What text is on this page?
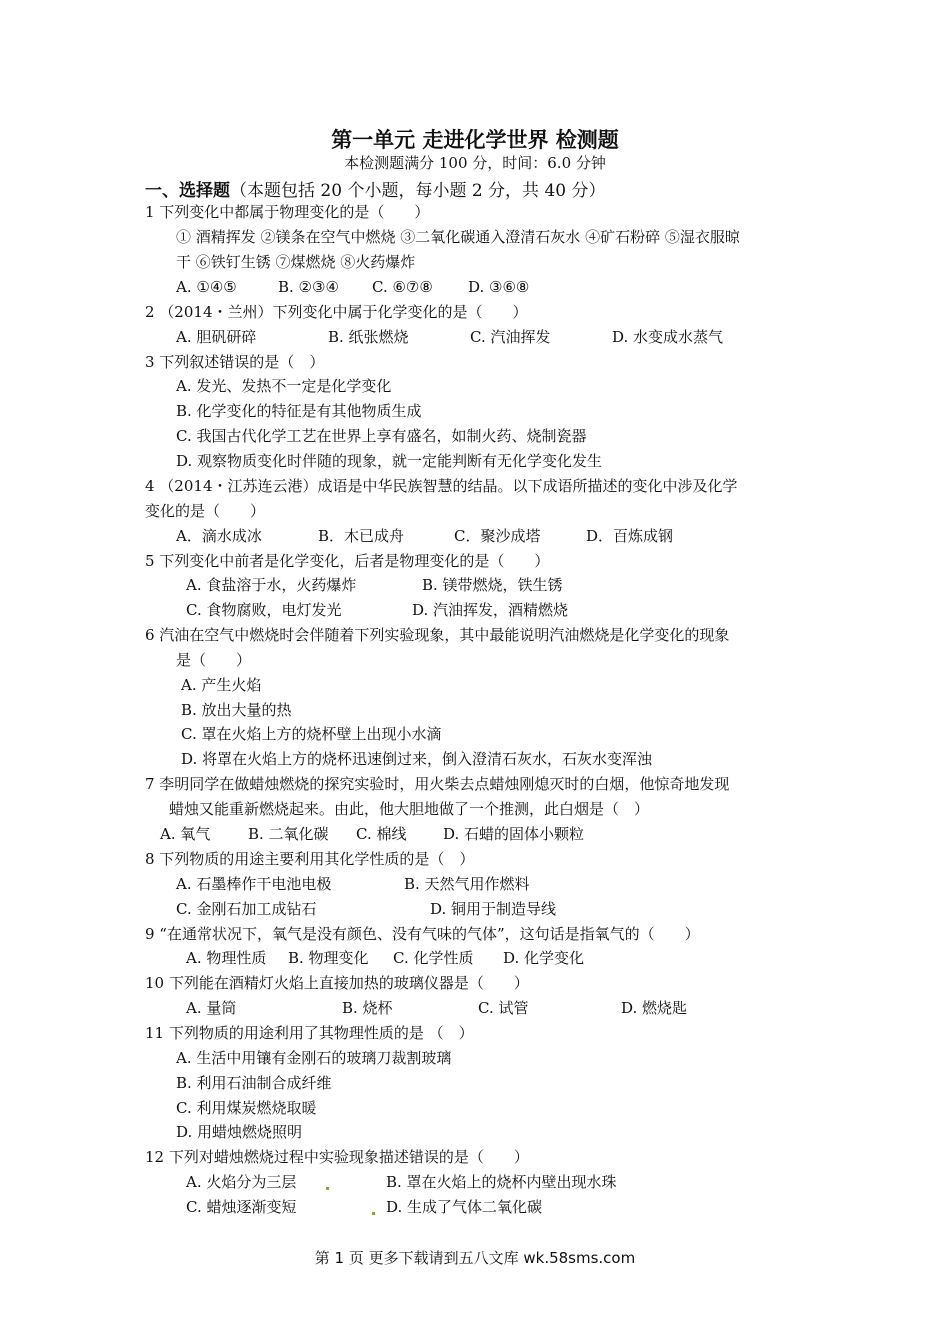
第一单元 走进化学世界 检测题
本检测题满分 100 分，时间：6.0 分钟
一、选择题（本题包括 20 个小题，每小题 2 分，共 40 分）
1 下列变化中都属于物理变化的是（　　）
① 酒精挥发 ②镁条在空气中燃烧 ③二氧化碳通入澄清石灰水 ④矿石粉碎 ⑤湿衣服晾
干 ⑥铁钉生锈 ⑦煤燃烧 ⑧火药爆炸
A. ①④⑤	B. ②③④ C. ⑥⑦⑧ D. ③⑥⑧
2 （2014・兰州）下列变化中属于化学变化的是（　　）
A. 胆矾研碎	B. 纸张燃烧	C. 汽油挥发	D. 水变成水蒸气
3 下列叙述错误的是（　）
A. 发光、发热不一定是化学变化
B. 化学变化的特征是有其他物质生成
C. 我国古代化学工艺在世界上享有盛名，如制火药、烧制瓷器
D. 观察物质变化时伴随的现象，就一定能判断有无化学变化发生
4 （2014・江苏连云港）成语是中华民族智慧的结晶。以下成语所描述的变化中涉及化学
变化的是（　　）
A．滴水成冰	B．木已成舟	C．聚沙成塔	D．百炼成钢
5 下列变化中前者是化学变化，后者是物理变化的是（　　）
A. 食盐溶于水，火药爆炸	B. 镁带燃烧，铁生锈
C. 食物腐败，电灯发光	D. 汽油挥发，酒精燃烧
6 汽油在空气中燃烧时会伴随着下列实验现象，其中最能说明汽油燃烧是化学变化的现象
是（　　）
A. 产生火焰
B. 放出大量的热
C. 罩在火焰上方的烧杯壁上出现小水滴
D. 将罩在火焰上方的烧杯迅速倒过来，倒入澄清石灰水，石灰水变浑浊
7 李明同学在做蜡烛燃烧的探究实验时，用火柴去点蜡烛刚熄灭时的白烟，他惊奇地发现
蜡烛又能重新燃烧起来。由此，他大胆地做了一个推测，此白烟是（　）
A. 氧气	B. 二氧化碳 C. 棉线 D. 石蜡的固体小颗粒
8 下列物质的用途主要利用其化学性质的是（　）
A. 石墨棒作干电池电极	B. 天然气用作燃料
C. 金刚石加工成钻石	D. 铜用于制造导线
9 “在通常状况下，氧气是没有颜色、没有气味的气体”，这句话是指氧气的（　　）
A. 物理性质 B. 物理变化 C. 化学性质 D. 化学变化
10 下列能在酒精灯火焰上直接加热的玻璃仪器是（　　）
A. 量筒	B. 烧杯	C. 试管	D. 燃烧匙
11 下列物质的用途利用了其物理性质的是 （　）
A. 生活中用镶有金刚石的玻璃刀裁割玻璃
B. 利用石油制合成纤维
C. 利用煤炭燃烧取暖
D. 用蜡烛燃烧照明
12 下列对蜡烛燃烧过程中实验现象描述错误的是（　　）
A. 火焰分为三层	B. 罩在火焰上的烧杯内壁出现水珠
C. 蜡烛逐渐变短	D. 生成了气体二氧化碳
第 1 页 更多下载请到五八文库 wk.58sms.com
